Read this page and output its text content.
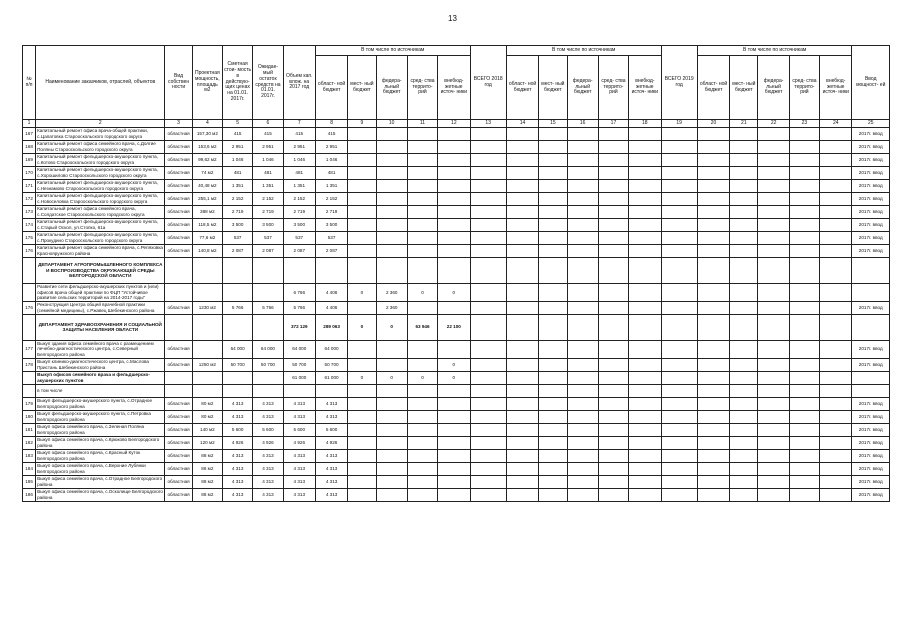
13
№ п/п	Наименование заказчиков, отраслей, объектов	Вид собствен ности	Проектная мощность, площадь м2	Сметная стои- мость в действую- щих ценах на 01.01. 2017г.	Ожидае- мый остаток средств на 01.01. 2017г.	Объем кап. влож. на 2017 год	В том числе по источникам					ВСЕГО 2018 год	В том числе по источникам					ВСЕГО 2019 год	В том числе по источникам					Ввод мощност- ей
							област- ной бюджет	мест- ный бюджет	федера- льный бюджет	сред- ства террито- рий	внебюд- жетные источ- ники		област- ной бюджет	мест- ный бюджет	федера- льный бюджет	сред- ства террито- рий	внебюд- жетные источ- ники		област- ной бюджет	мест- ный бюджет	федера- льный бюджет	сред- ства террито- рий	внебюд- жетные источ- ники	
1	2	3	4	5	6	7	8	9	10	11	12	13	14	15	16	17	18	19	20	21	22	23	24	25
167	Капитальный ремонт офиса врача-общей практики, с.Цапатовка Старооскольского городского округа	областная	157,30 м2	415	415	415	415																	2017г. ввод
168	Капитальный ремонт офиса семейного врача, с.Долгие Поляны Старооскольского городского округа	областная	153,6 м2	2 951	2 951	2 951	2 951																	2017г. ввод
169	Капитальный ремонт фельдшерско-акушерского пункта, с.Котово Старооскольского городского округа	областная	99,62 м2	1 046	1 046	1 046	1 046																	2017г. ввод
170	Капитальный ремонт фельдшерско-акушерского пункта, с.Хорошилово Старооскольского городского округа	областная	74 м2	481	481	481	481																	2017г. ввод
171	Капитальный ремонт фельдшерско-акушерского пункта, с.Незнамово Старооскольского городского округа	областная	40,48 м2	1 351	1 351	1 351	1 351																	2017г. ввод
172	Капитальный ремонт фельдшерско-акушерского пункта, с.Новоселовка Старооскольского городского округа	областная	255,1 м2	2 152	2 152	2 152	2 152																	2017г. ввод
173	Капитальный ремонт офиса семейного врача, с.Солдатское Старооскольского городского округа	областная	388 м2	2 719	2 719	2 719	2 719																	2017г. ввод
174	Капитальный ремонт фельдшерско-акушерского пункта, с.Старый Оскол, ул.Стопко, 61а	областная	118,5 м2	3 500	3 500	3 500	3 500																	2017г. ввод
175	Капитальный ремонт фельдшерско-акушерского пункта, с.Прокудино Старооскольского городского округа	областная	77,6 м2	537	537	537	537																	2017г. ввод
176	Капитальный ремонт офиса семейного врача, с.Репяховка Краснояружского района	областная	140,8 м2	2 087	2 087	2 087	2 087																	2017г. ввод
	ДЕПАРТАМЕНТ АГРОПРОМЫШЛЕННОГО КОМПЛЕКСА И ВОСПРОИЗВОДСТВА ОКРУЖАЮЩЕЙ СРЕДЫ БЕЛГОРОДСКОЙ ОБЛАСТИ																							
	Развитие сети фельдшерско-акушерских пунктов и (или) офисов врача общей практики по ФЦП "Устойчивое развитие сельских территорий на 2014-2017 годы"					6 766	4 406	0	2 360	0	0													
176	Реконструкция Центра общей врачебной практики (семейной медицины), с.Ржавец Шебекинского района	областная	1230 м2	5 766	5 766	5 766	4 406		2 360															2017г. ввод
	ДЕПАРТАМЕНТ ЗДРАВООХРАНЕНИЯ И СОЦИАЛЬНОЙ ЗАЩИТЫ НАСЕЛЕНИЯ ОБЛАСТИ					372 129	289 063	0	0	63 946	22 100													
177	Выкуп здания офиса семейного врача с размещением лечебно-диагностического центра, с.Северный Белгородского района	областная		64 000	64 000	64 000	64 000																	2017г. ввод
178	Выкуп клинико-диагностического центра, с.Маслова Пристань Шебекинского района	областная	1250 м2	50 700	50 700	50 700	50 700				0													2017г. ввод
	Выкуп офисов семейного врача и фельдшерско-акушерских пунктов					61 000	61 000	0	0	0	0													
	в том числе																							
179	Выкуп фельдшерско-акушерского пункта, с.Отрадное Белгородского района	областная	80 м2	4 313	4 313	4 313	4 313																	2017г. ввод
180	Выкуп фельдшерско-акушерского пункта, с.Петровка Белгородского района	областная	80 м2	4 313	4 313	4 313	4 313																	2017г. ввод
181	Выкуп офиса семейного врача, с.Зеленая Поляна Белгородского района	областная	140 м2	5 600	5 600	5 600	5 600																	2017г. ввод
182	Выкуп офиса семейного врача, с.Крюково Белгородского района	областная	120 м2	4 926	4 926	4 926	4 926																	2017г. ввод
183	Выкуп офиса семейного врача, с.Красный Куток Белгородского района	областная	88 м2	4 313	4 313	4 313	4 313																	2017г. ввод
184	Выкуп офиса семейного врача, с.Верхние Лубянки Белгородского района	областная	86 м2	4 313	4 313	4 313	4 313																	2017г. ввод
185	Выкуп офиса семейного врача, с.Отрадное Белгородского района	областная	88 м2	4 313	4 313	4 313	4 313																	2017г. ввод
186	Выкуп офиса семейного врача, с.Осколище Белгородского района	областная	88 м2	4 313	4 313	4 313	4 313																	2017г. ввод
